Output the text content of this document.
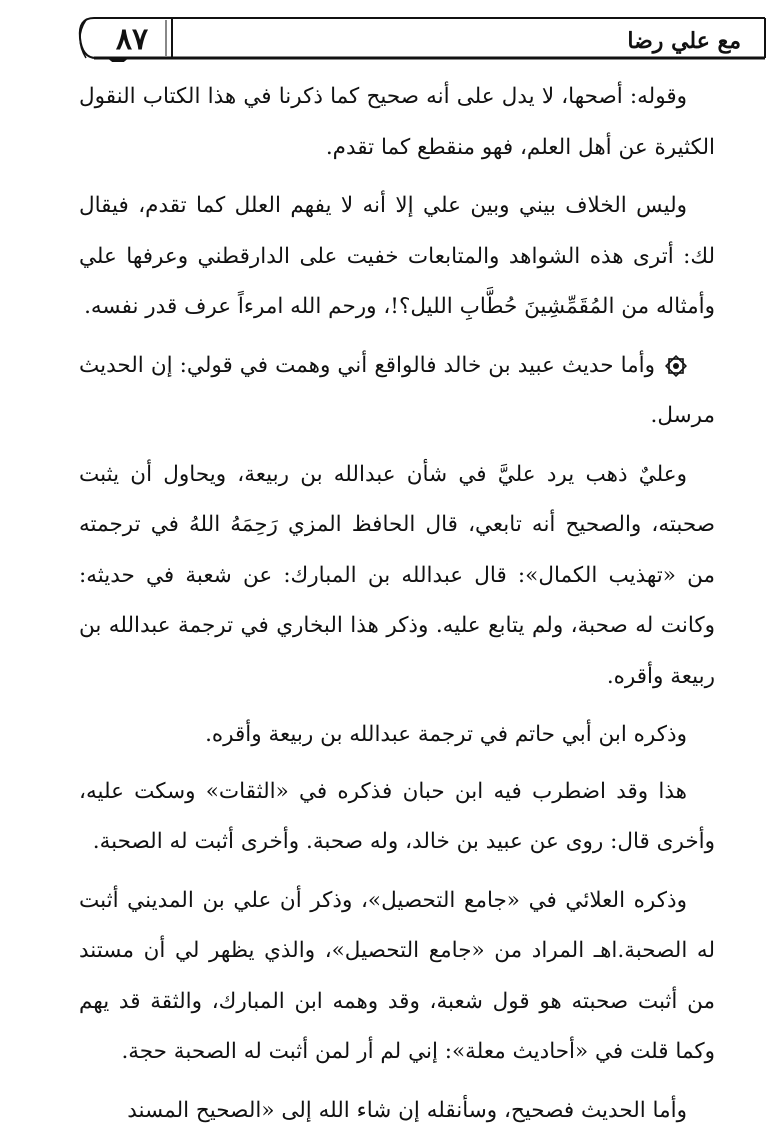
٨٧	مع علي رضا

وقوله: أصحها، لا يدل على أنه صحيح كما ذكرنا في هذا الكتاب النقول الكثيرة عن أهل العلم، فهو منقطع كما تقدم.

وليس الخلاف بيني وبين علي إلا أنه لا يفهم العلل كما تقدم، فيقال لك: أترى هذه الشواهد والمتابعات خفيت على الدارقطني وعرفها علي وأمثاله من المُقَمِّشِينَ حُطَّابِ الليل؟!، ورحم الله امرءاً عرف قدر نفسه.

وأما حديث عبيد بن خالد فالواقع أني وهمت في قولي: إن الحديث مرسل.

وعليٌ ذهب يرد عليَّ في شأن عبدالله بن ربيعة، ويحاول أن يثبت صحبته، والصحيح أنه تابعي، قال الحافظ المزي رَحِمَهُ اللهُ في ترجمته من «تهذيب الكمال»: قال عبدالله بن المبارك: عن شعبة في حديثه: وكانت له صحبة، ولم يتابع عليه. وذكر هذا البخاري في ترجمة عبدالله بن ربيعة وأقره.

وذكره ابن أبي حاتم في ترجمة عبدالله بن ربيعة وأقره.

هذا وقد اضطرب فيه ابن حبان فذكره في «الثقات» وسكت عليه، وأخرى قال: روى عن عبيد بن خالد، وله صحبة. وأخرى أثبت له الصحبة.

وذكره العلائي في «جامع التحصيل»، وذكر أن علي بن المديني أثبت له الصحبة.اهـ المراد من «جامع التحصيل»، والذي يظهر لي أن مستند من أثبت صحبته هو قول شعبة، وقد وهمه ابن المبارك، والثقة قد يهم وكما قلت في «أحاديث معلة»: إني لم أر لمن أثبت له الصحبة حجة.

وأما الحديث فصحيح، وسأنقله إن شاء الله إلى «الصحيح المسند
